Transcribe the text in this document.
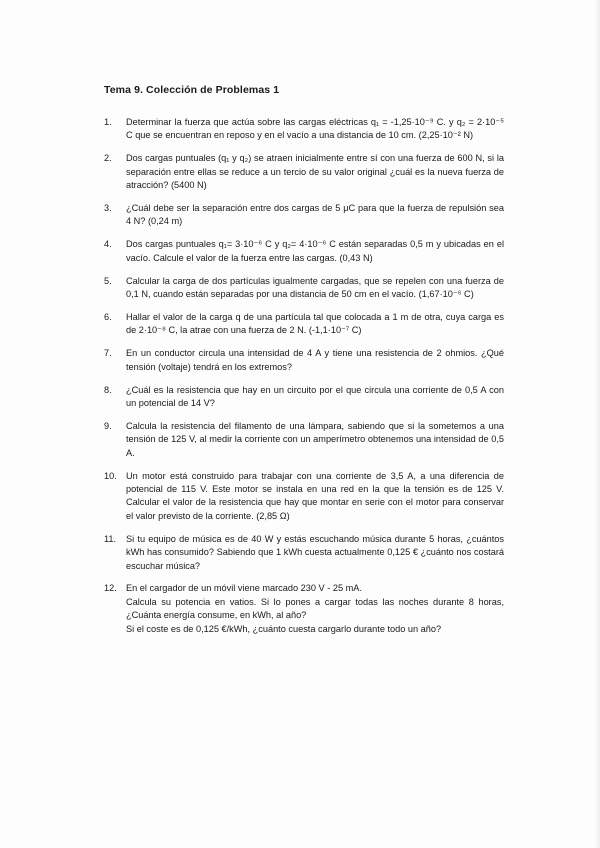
Tema 9. Colección de Problemas 1
1.	Determinar la fuerza que actúa sobre las cargas eléctricas q₁ = -1,25·10⁻⁹ C. y q₂ = 2·10⁻⁵ C que se encuentran en reposo y en el vacío a una distancia de 10 cm. (2,25·10⁻² N)
2.	Dos cargas puntuales (q₁ y q₂) se atraen inicialmente entre sí con una fuerza de 600 N, si la separación entre ellas se reduce a un tercio de su valor original ¿cuál es la nueva fuerza de atracción? (5400 N)
3.	¿Cuál debe ser la separación entre dos cargas de 5 μC para que la fuerza de repulsión sea 4 N? (0,24 m)
4.	Dos cargas puntuales q₁= 3·10⁻⁶ C y q₂= 4·10⁻⁶ C están separadas 0,5 m y ubicadas en el vacío. Calcule el valor de la fuerza entre las cargas. (0,43 N)
5.	Calcular la carga de dos partículas igualmente cargadas, que se repelen con una fuerza de 0,1 N, cuando están separadas por una distancia de 50 cm en el vacío. (1,67·10⁻⁶ C)
6.	Hallar el valor de la carga q de una partícula tal que colocada a 1 m de otra, cuya carga es de 2·10⁻⁸ C, la atrae con una fuerza de 2 N. (-1,1·10⁻⁷ C)
7.	En un conductor circula una intensidad de 4 A y tiene una resistencia de 2 ohmios. ¿Qué tensión (voltaje) tendrá en los extremos?
8.	¿Cuál es la resistencia que hay en un circuito por el que circula una corriente de 0,5 A con un potencial de 14 V?
9.	Calcula la resistencia del filamento de una lámpara, sabiendo que si la sometemos a una tensión de 125 V, al medir la corriente con un amperímetro obtenemos una intensidad de 0,5 A.
10.	Un motor está construido para trabajar con una corriente de 3,5 A, a una diferencia de potencial de 115 V. Este motor se instala en una red en la que la tensión es de 125 V. Calcular el valor de la resistencia que hay que montar en serie con el motor para conservar el valor previsto de la corriente. (2,85 Ω)
11.	Si tu equipo de música es de 40 W y estás escuchando música durante 5 horas, ¿cuántos kWh has consumido? Sabiendo que 1 kWh cuesta actualmente 0,125 € ¿cuánto nos costará escuchar música?
12.	En el cargador de un móvil viene marcado 230 V - 25 mA.
Calcula su potencia en vatios. Si lo pones a cargar todas las noches durante 8 horas, ¿Cuánta energía consume, en kWh, al año?
Si el coste es de 0,125 €/kWh, ¿cuánto cuesta cargarlo durante todo un año?
